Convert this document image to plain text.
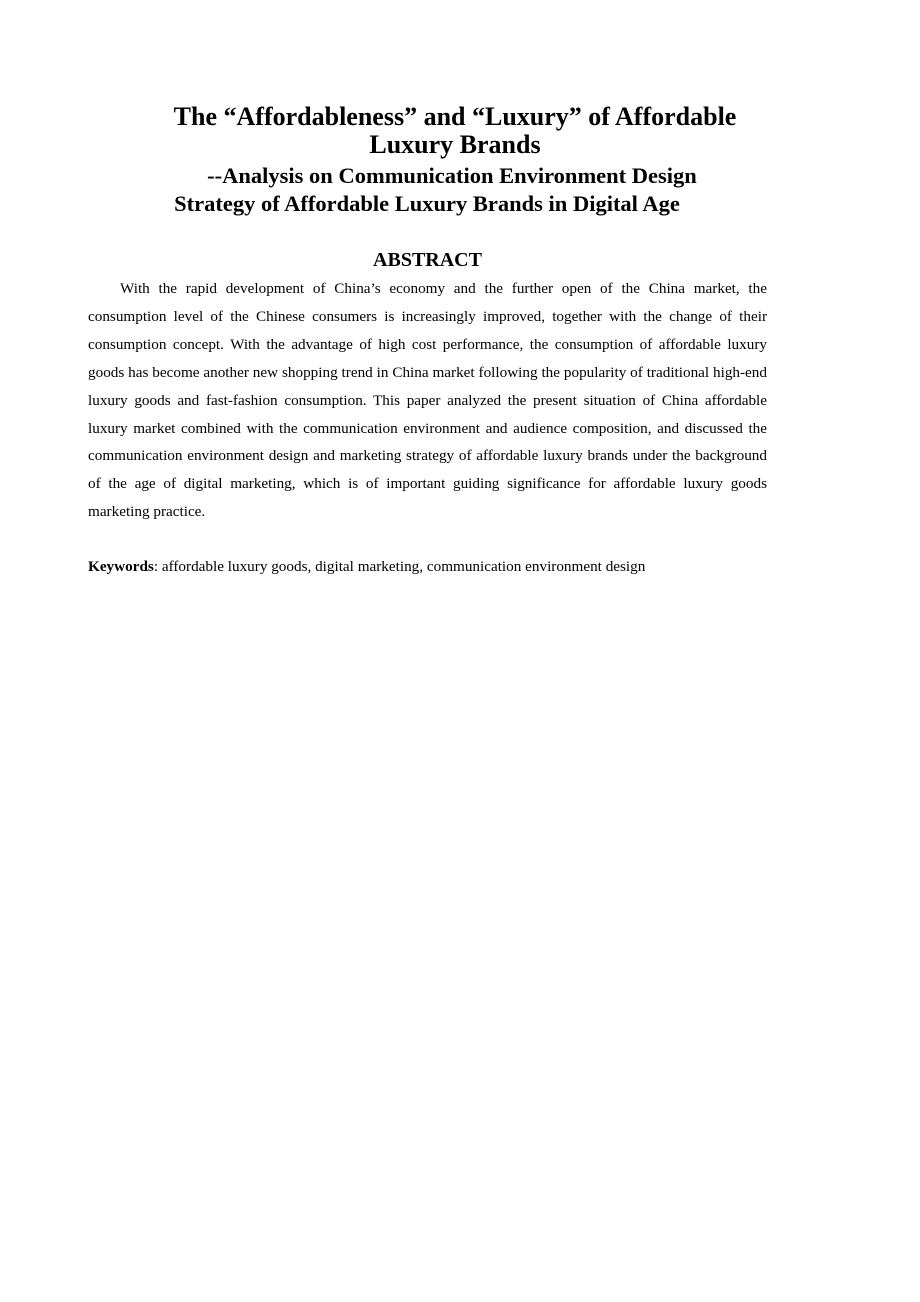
The “Affordableness” and “Luxury” of Affordable
Luxury Brands
--Analysis on Communication Environment Design
Strategy of Affordable Luxury Brands in Digital Age
ABSTRACT

With the rapid development of China’s economy and the further open of the China market, the consumption level of the Chinese consumers is increasingly improved, together with the change of their consumption concept. With the advantage of high cost performance, the consumption of affordable luxury goods has become another new shopping trend in China market following the popularity of traditional high-end luxury goods and fast-fashion consumption. This paper analyzed the present situation of China affordable luxury market combined with the communication environment and audience composition, and discussed the communication environment design and marketing strategy of affordable luxury brands under the background of the age of digital marketing, which is of important guiding significance for affordable luxury goods marketing practice.

Keywords: affordable luxury goods, digital marketing, communication environment design
